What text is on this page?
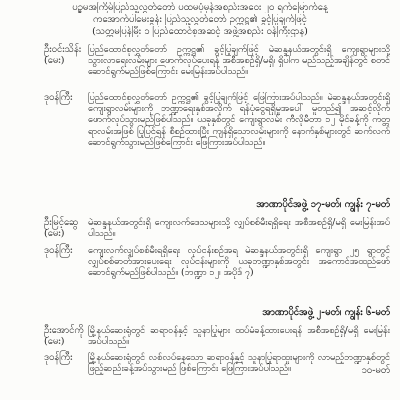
ပဥ္စမအကြိမ်ပြည်သူ့လွှတ်တော် ပထမပုံမှန်အစည်းအဝေး ၂၀ ရက်မြောက်နေ့
ကအောက်ပါမေးခွန်း ပြည်သူ့လွှတ်တော် ဥက္ကဋ္ဌ၏ ခွင့်ပြုချက်ဖြင့်
(သတ္တမပြန်မြီး ၁ ပြည်ထောင်စုအဆင့် အဖွဲ့အစည်း ဝန်ကြီးဌာန)
ဦးဝင်းသိန်း
(မေး)
ပြည်ထောင်စုလွှတ်တော် ဥက္ကဋ္ဌ၏ ခွင့်ပြုချက်ဖြင့် မဲဆန္ဒနယ်အတွင်းရှိ ကျေးရွာများသို့ သွားလာရေးလမ်းများ ဖောက်လုပ်ပေးရန် အစီအစဉ်ရှိ/မရှိ၊ ရှိပါက မည်သည့်အချိန်တွင် စတင်ဆောင်ရွက်မည်ဖြစ်ကြောင်း မေးမြန်းအပ်ပါသည်။
ဒုဝန်ကြီး ပြည်ထောင်စုလွှတ်တော် ဥက္ကဋ္ဌ၏ ခွင့်ပြုချက်ဖြင့် ဖြေကြားအပ်ပါသည်။ မဲဆန္ဒနယ်အတွင်းရှိ ကျေးရွာလမ်းများကို ဘဏ္ဍာရေးနှစ်အလိုက် ရန်ပုံငွေရရှိမှုအပေါ် မူတည်၍ အဆင့်လိုက် ဖောက်လုပ်သွားမည်ဖြစ်ပါသည်။ ယခုနှစ်တွင် ကျေးရွာလမ်း ကီလိုမီတာ ၁၂ မိုင်ခန့်ကို ကတ္တရာလမ်းအဖြစ် ပြုပြင်ရန် စီစဉ်ထားပြီး ကျန်ရှိသောလမ်းများကို နောက်နှစ်များတွင် ဆက်လက်ဆောင်ရွက်သွားမည်ဖြစ်ကြောင်း ဖြေကြားအပ်ပါသည်။
အာဏာပိုင်အဖွဲ့ ၁၇-မတ်၊ ကျွန်း ၇-မတ်
ဦးမြင့်ဆွေ
(မေး)
မဲဆန္ဒနယ်အတွင်းရှိ ကျေးလက်ဒေသများသို့ လျှပ်စစ်မီးရရှိရေး အစီအစဉ်ရှိ/မရှိ မေးမြန်းအပ်ပါသည်။
ဒုဝန်ကြီး ကျေးလက်လျှပ်စစ်မီးရရှိရေး လုပ်ငန်းစဉ်အရ မဲဆန္ဒနယ်အတွင်းရှိ ကျေးရွာ ၂၅ ရွာတွင် လျှပ်စစ်ဓာတ်အားပေးရေး လုပ်ငန်းများကို ယခုဘဏ္ဍာနှစ်အတွင်း အကောင်အထည်ဖော် ဆောင်ရွက်မည်ဖြစ်ပါသည်။ (ဘဏ္ဍာ ၁၂၊ အပိုဒ် ၇)
အာဏာပိုင်အဖွဲ့ ၂-မတ်၊ ကျွန်း ၆-မတ်
ဦးအောင်ကို
(မေး)
မြို့နယ်ဆေးရုံတွင် ဆရာဝန်နှင့် သူနာပြုများ ထပ်မံခန့်ထားပေးရန် အစီအစဉ်ရှိ/မရှိ မေးမြန်းအပ်ပါသည်။
ဒုဝန်ကြီး မြို့နယ်ဆေးရုံတွင် လစ်လပ်နေသော ဆရာဝန်နှင့် သူနာပြုရာထူးများကို လာမည့်ဘဏ္ဍာနှစ်တွင် ဖြည့်ဆည်းခန့်အပ်သွားမည် ဖြစ်ကြောင်း ဖြေကြားအပ်ပါသည်။	၁၀-မတ်
